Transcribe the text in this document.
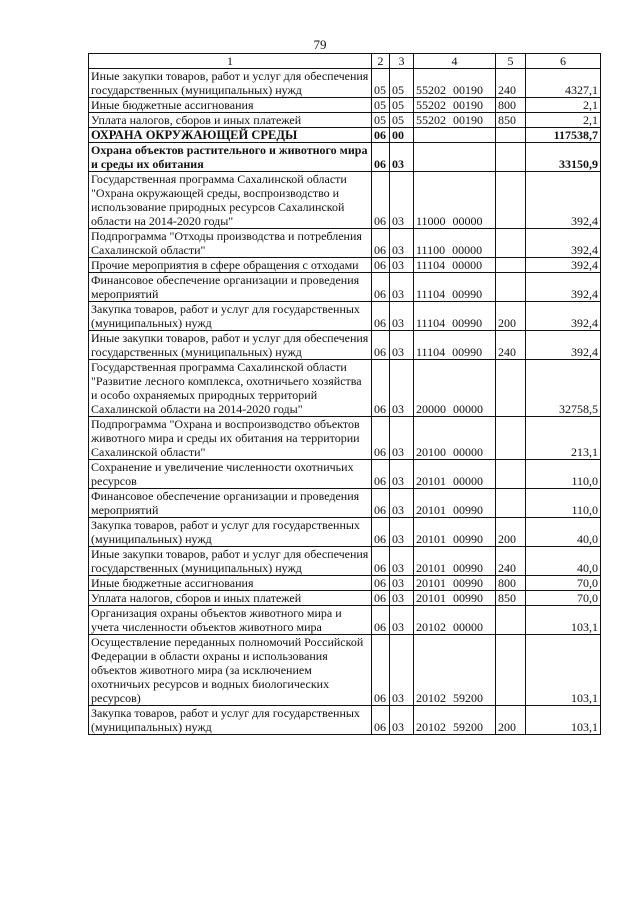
79
1	2	3	4	5	6
Иные закупки товаров, работ и услуг для обеспечения государственных (муниципальных) нужд	05	05	55202 00190	240	4327,1
Иные бюджетные ассигнования	05	05	55202 00190	800	2,1
Уплата налогов, сборов и иных платежей	05	05	55202 00190	850	2,1
ОХРАНА ОКРУЖАЮЩЕЙ СРЕДЫ	06	00			117538,7
Охрана объектов растительного и животного мира и среды их обитания	06	03			33150,9
Государственная программа Сахалинской области "Охрана окружающей среды, воспроизводство и использование природных ресурсов Сахалинской области на 2014-2020 годы"	06	03	11000 00000		392,4
Подпрограмма "Отходы производства и потребления Сахалинской области"	06	03	11100 00000		392,4
Прочие мероприятия в сфере обращения с отходами	06	03	11104 00000		392,4
Финансовое обеспечение организации и проведения мероприятий	06	03	11104 00990		392,4
Закупка товаров, работ и услуг для государственных (муниципальных) нужд	06	03	11104 00990	200	392,4
Иные закупки товаров, работ и услуг для обеспечения государственных (муниципальных) нужд	06	03	11104 00990	240	392,4
Государственная программа Сахалинской области "Развитие лесного комплекса, охотничьего хозяйства и особо охраняемых природных территорий Сахалинской области на 2014-2020 годы"	06	03	20000 00000		32758,5
Подпрограмма "Охрана и воспроизводство объектов животного мира и среды их обитания на территории Сахалинской области"	06	03	20100 00000		213,1
Сохранение и увеличение численности охотничьих ресурсов	06	03	20101 00000		110,0
Финансовое обеспечение организации и проведения мероприятий	06	03	20101 00990		110,0
Закупка товаров, работ и услуг для государственных (муниципальных) нужд	06	03	20101 00990	200	40,0
Иные закупки товаров, работ и услуг для обеспечения государственных (муниципальных) нужд	06	03	20101 00990	240	40,0
Иные бюджетные ассигнования	06	03	20101 00990	800	70,0
Уплата налогов, сборов и иных платежей	06	03	20101 00990	850	70,0
Организация охраны объектов животного мира и учета численности объектов животного мира	06	03	20102 00000		103,1
Осуществление переданных полномочий Российской Федерации в области охраны и использования объектов животного мира (за исключением охотничьих ресурсов и водных биологических ресурсов)	06	03	20102 59200		103,1
Закупка товаров, работ и услуг для государственных (муниципальных) нужд	06	03	20102 59200	200	103,1
